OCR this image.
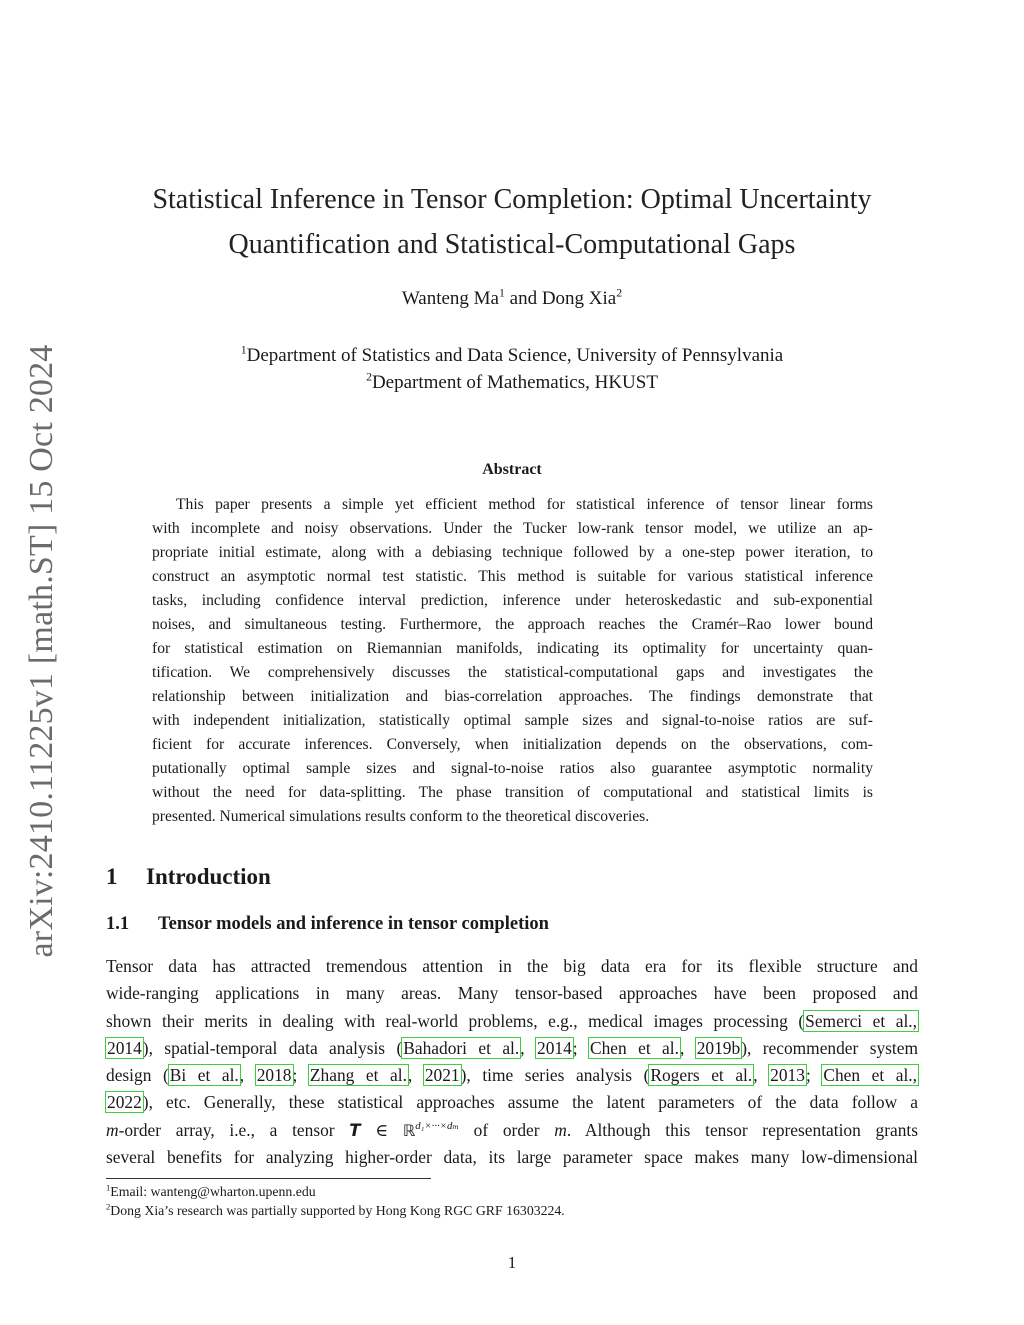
arXiv:2410.11225v1 [math.ST] 15 Oct 2024
Statistical Inference in Tensor Completion: Optimal Uncertainty
Quantification and Statistical-Computational Gaps
Wanteng Ma$^1$ and Dong Xia$^2$
$^1$Department of Statistics and Data Science, University of Pennsylvania
$^2$Department of Mathematics, HKUST
Abstract
This paper presents a simple yet efficient method for statistical inference of tensor linear forms
with incomplete and noisy observations. Under the Tucker low-rank tensor model, we utilize an ap-
propriate initial estimate, along with a debiasing technique followed by a one-step power iteration, to
construct an asymptotic normal test statistic. This method is suitable for various statistical inference
tasks, including confidence interval prediction, inference under heteroskedastic and sub-exponential
noises, and simultaneous testing. Furthermore, the approach reaches the Cramér–Rao lower bound
for statistical estimation on Riemannian manifolds, indicating its optimality for uncertainty quan-
tification. We comprehensively discusses the statistical-computational gaps and investigates the
relationship between initialization and bias-correlation approaches. The findings demonstrate that
with independent initialization, statistically optimal sample sizes and signal-to-noise ratios are suf-
ficient for accurate inferences. Conversely, when initialization depends on the observations, com-
putationally optimal sample sizes and signal-to-noise ratios also guarantee asymptotic normality
without the need for data-splitting. The phase transition of computational and statistical limits is
presented. Numerical simulations results conform to the theoretical discoveries.
1 Introduction
1.1 Tensor models and inference in tensor completion
Tensor data has attracted tremendous attention in the big data era for its flexible structure and
wide-ranging applications in many areas. Many tensor-based approaches have been proposed and
shown their merits in dealing with real-world problems, e.g., medical images processing (Semerci et al.,
2014), spatial-temporal data analysis (Bahadori et al., 2014; Chen et al., 2019b), recommender system
design (Bi et al., 2018; Zhang et al., 2021), time series analysis (Rogers et al., 2013; Chen et al.,
2022), etc. Generally, these statistical approaches assume the latent parameters of the data follow a
m-order array, i.e., a tensor T ∈ ℝ$^{d_1\times\cdot\cdot\cdot\times d_m}$ of order m. Although this tensor representation grants
several benefits for analyzing higher-order data, its large parameter space makes many low-dimensional
$^1$Email: wanteng@wharton.upenn.edu
$^2$Dong Xia’s research was partially supported by Hong Kong RGC GRF 16303224.
1
